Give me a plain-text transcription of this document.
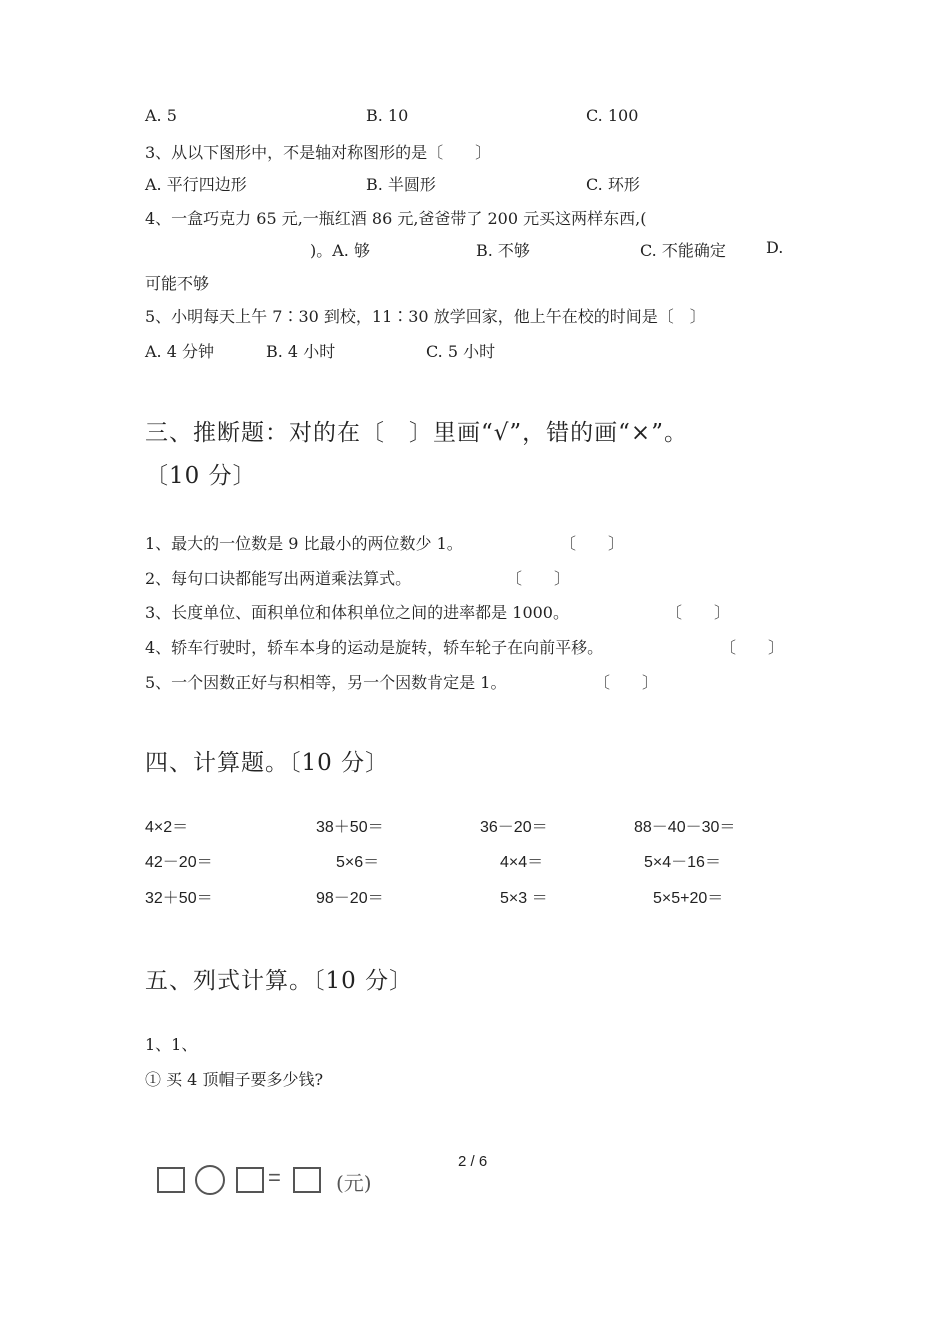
A. 5	B. 10	C. 100
3、从以下图形中，不是轴对称图形的是〔　　〕
A. 平行四边形	B. 半圆形	C. 环形
4、一盒巧克力 65 元,一瓶红酒 86 元,爸爸带了 200 元买这两样东西,(
)。A. 够	B. 不够	C. 不能确定	D.
可能不够
5、小明每天上午 7∶30 到校，11∶30 放学回家，他上午在校的时间是〔　〕
A. 4 分钟	B. 4 小时	C. 5 小时
三、推断题：对的在〔　〕里画“√”，错的画“×”。
〔10 分〕
1、最大的一位数是 9 比最小的两位数少 1。	〔　　〕
2、每句口诀都能写出两道乘法算式。	〔　　〕
3、长度单位、面积单位和体积单位之间的进率都是 1000。	〔　　〕
4、轿车行驶时，轿车本身的运动是旋转，轿车轮子在向前平移。	〔　　〕
5、一个因数正好与积相等，另一个因数肯定是 1。	〔　　〕
四、计算题。〔10 分〕
4×2＝	38＋50＝	36－20＝	88－40－30＝
42－20＝	5×6＝	4×4＝	5×4－16＝
32＋50＝	98－20＝	5×3 ＝	5×5+20＝
五、列式计算。〔10 分〕
1、1、
① 买 4 顶帽子要多少钱?
=	(元)
2 / 6
